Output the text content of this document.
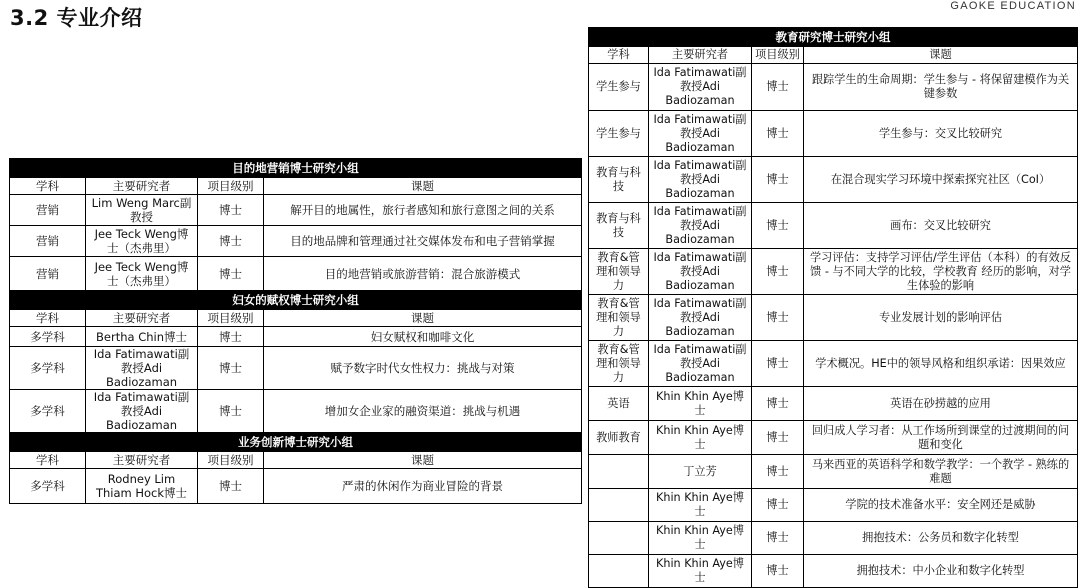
3.2 专业介绍	GAOKE EDUCATION
目的地营销博士研究小组			
学科	主要研究者	项目级别	课题
营销	Lim Weng Marc副教授	博士	解开目的地属性，旅行者感知和旅行意图之间的关系
营销	Jee Teck Weng博士（杰弗里）	博士	目的地品牌和管理通过社交媒体发布和电子营销掌握
营销	Jee Teck Weng博士（杰弗里）	博士	目的地营销或旅游营销：混合旅游模式
妇女的赋权博士研究小组			
学科	主要研究者	项目级别	课题
多学科	Bertha Chin博士	博士	妇女赋权和咖啡文化
多学科	Ida Fatimawati副教授Adi Badiozaman	博士	赋予数字时代女性权力：挑战与对策
多学科	Ida Fatimawati副教授Adi Badiozaman	博士	增加女企业家的融资渠道：挑战与机遇
业务创新博士研究小组			
学科	主要研究者	项目级别	课题
多学科	Rodney Lim Thiam Hock博士	博士	严肃的休闲作为商业冒险的背景
教育研究博士研究小组			
学科	主要研究者	项目级别	课题
学生参与	Ida Fatimawati副教授Adi Badiozaman	博士	跟踪学生的生命周期：学生参与 - 将保留建模作为关键参数
学生参与	Ida Fatimawati副教授Adi Badiozaman	博士	学生参与：交叉比较研究
教育与科技	Ida Fatimawati副教授Adi Badiozaman	博士	在混合现实学习环境中探索探究社区（CoI）
教育与科技	Ida Fatimawati副教授Adi Badiozaman	博士	画布：交叉比较研究
教育&管理和领导力	Ida Fatimawati副教授Adi Badiozaman	博士	学习评估：支持学习评估/学生评估（本科）的有效反馈 - 与不同大学的比较，学校教育 经历的影响，对学生体验的影响
教育&管理和领导力	Ida Fatimawati副教授Adi Badiozaman	博士	专业发展计划的影响评估
教育&管理和领导力	Ida Fatimawati副教授Adi Badiozaman	博士	学术概况。HE中的领导风格和组织承诺：因果效应
英语	Khin Khin Aye博士	博士	英语在砂捞越的应用
教师教育	Khin Khin Aye博士	博士	回归成人学习者：从工作场所到课堂的过渡期间的问题和变化
	丁立芳	博士	马来西亚的英语科学和数学教学：一个教学 - 熟练的难题
	Khin Khin Aye博士	博士	学院的技术准备水平：安全网还是威胁
	Khin Khin Aye博士	博士	拥抱技术：公务员和数字化转型
	Khin Khin Aye博士	博士	拥抱技术：中小企业和数字化转型
